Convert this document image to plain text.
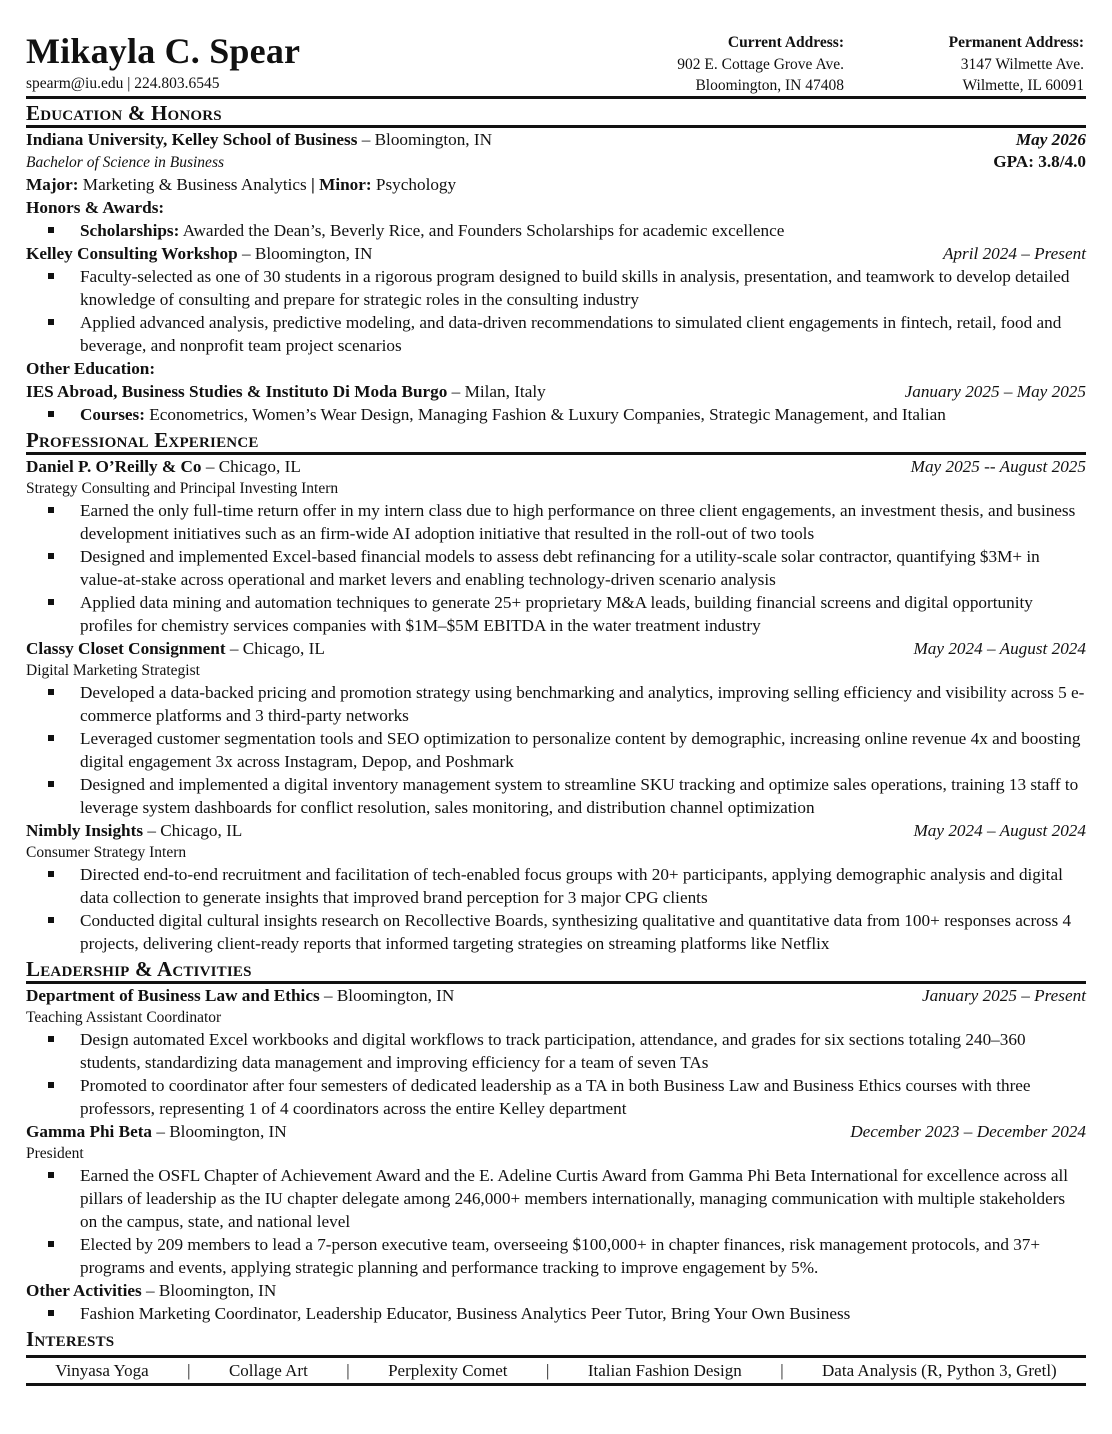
Mikayla C. Spear
spearm@iu.edu | 224.803.6545
Current Address:
902 E. Cottage Grove Ave.
Bloomington, IN 47408
Permanent Address:
3147 Wilmette Ave.
Wilmette, IL 60091
Education & Honors
Indiana University, Kelley School of Business – Bloomington, IN	May 2026
Bachelor of Science in Business	GPA: 3.8/4.0
Major: Marketing & Business Analytics | Minor: Psychology
Honors & Awards:
Scholarships: Awarded the Dean’s, Beverly Rice, and Founders Scholarships for academic excellence
Kelley Consulting Workshop – Bloomington, IN	April 2024 – Present
Faculty-selected as one of 30 students in a rigorous program designed to build skills in analysis, presentation, and teamwork to develop detailed knowledge of consulting and prepare for strategic roles in the consulting industry
Applied advanced analysis, predictive modeling, and data-driven recommendations to simulated client engagements in fintech, retail, food and beverage, and nonprofit team project scenarios
Other Education:
IES Abroad, Business Studies & Instituto Di Moda Burgo – Milan, Italy	January 2025 – May 2025
Courses: Econometrics, Women’s Wear Design, Managing Fashion & Luxury Companies, Strategic Management, and Italian
Professional Experience
Daniel P. O’Reilly & Co – Chicago, IL	May 2025 -- August 2025
Strategy Consulting and Principal Investing Intern
Earned the only full-time return offer in my intern class due to high performance on three client engagements, an investment thesis, and business development initiatives such as an firm-wide AI adoption initiative that resulted in the roll-out of two tools
Designed and implemented Excel-based financial models to assess debt refinancing for a utility-scale solar contractor, quantifying $3M+ in value-at-stake across operational and market levers and enabling technology-driven scenario analysis
Applied data mining and automation techniques to generate 25+ proprietary M&A leads, building financial screens and digital opportunity profiles for chemistry services companies with $1M–$5M EBITDA in the water treatment industry
Classy Closet Consignment – Chicago, IL	May 2024 – August 2024
Digital Marketing Strategist
Developed a data-backed pricing and promotion strategy using benchmarking and analytics, improving selling efficiency and visibility across 5 e-commerce platforms and 3 third-party networks
Leveraged customer segmentation tools and SEO optimization to personalize content by demographic, increasing online revenue 4x and boosting digital engagement 3x across Instagram, Depop, and Poshmark
Designed and implemented a digital inventory management system to streamline SKU tracking and optimize sales operations, training 13 staff to leverage system dashboards for conflict resolution, sales monitoring, and distribution channel optimization
Nimbly Insights – Chicago, IL	May 2024 – August 2024
Consumer Strategy Intern
Directed end-to-end recruitment and facilitation of tech-enabled focus groups with 20+ participants, applying demographic analysis and digital data collection to generate insights that improved brand perception for 3 major CPG clients
Conducted digital cultural insights research on Recollective Boards, synthesizing qualitative and quantitative data from 100+ responses across 4 projects, delivering client-ready reports that informed targeting strategies on streaming platforms like Netflix
Leadership & Activities
Department of Business Law and Ethics – Bloomington, IN	January 2025 – Present
Teaching Assistant Coordinator
Design automated Excel workbooks and digital workflows to track participation, attendance, and grades for six sections totaling 240–360 students, standardizing data management and improving efficiency for a team of seven TAs
Promoted to coordinator after four semesters of dedicated leadership as a TA in both Business Law and Business Ethics courses with three professors, representing 1 of 4 coordinators across the entire Kelley department
Gamma Phi Beta – Bloomington, IN	December 2023 – December 2024
President
Earned the OSFL Chapter of Achievement Award and the E. Adeline Curtis Award from Gamma Phi Beta International for excellence across all pillars of leadership as the IU chapter delegate among 246,000+ members internationally, managing communication with multiple stakeholders on the campus, state, and national level
Elected by 209 members to lead a 7-person executive team, overseeing $100,000+ in chapter finances, risk management protocols, and 37+ programs and events, applying strategic planning and performance tracking to improve engagement by 5%.
Other Activities – Bloomington, IN
Fashion Marketing Coordinator, Leadership Educator, Business Analytics Peer Tutor, Bring Your Own Business
Interests
Vinyasa Yoga | Collage Art | Perplexity Comet | Italian Fashion Design | Data Analysis (R, Python 3, Gretl)
